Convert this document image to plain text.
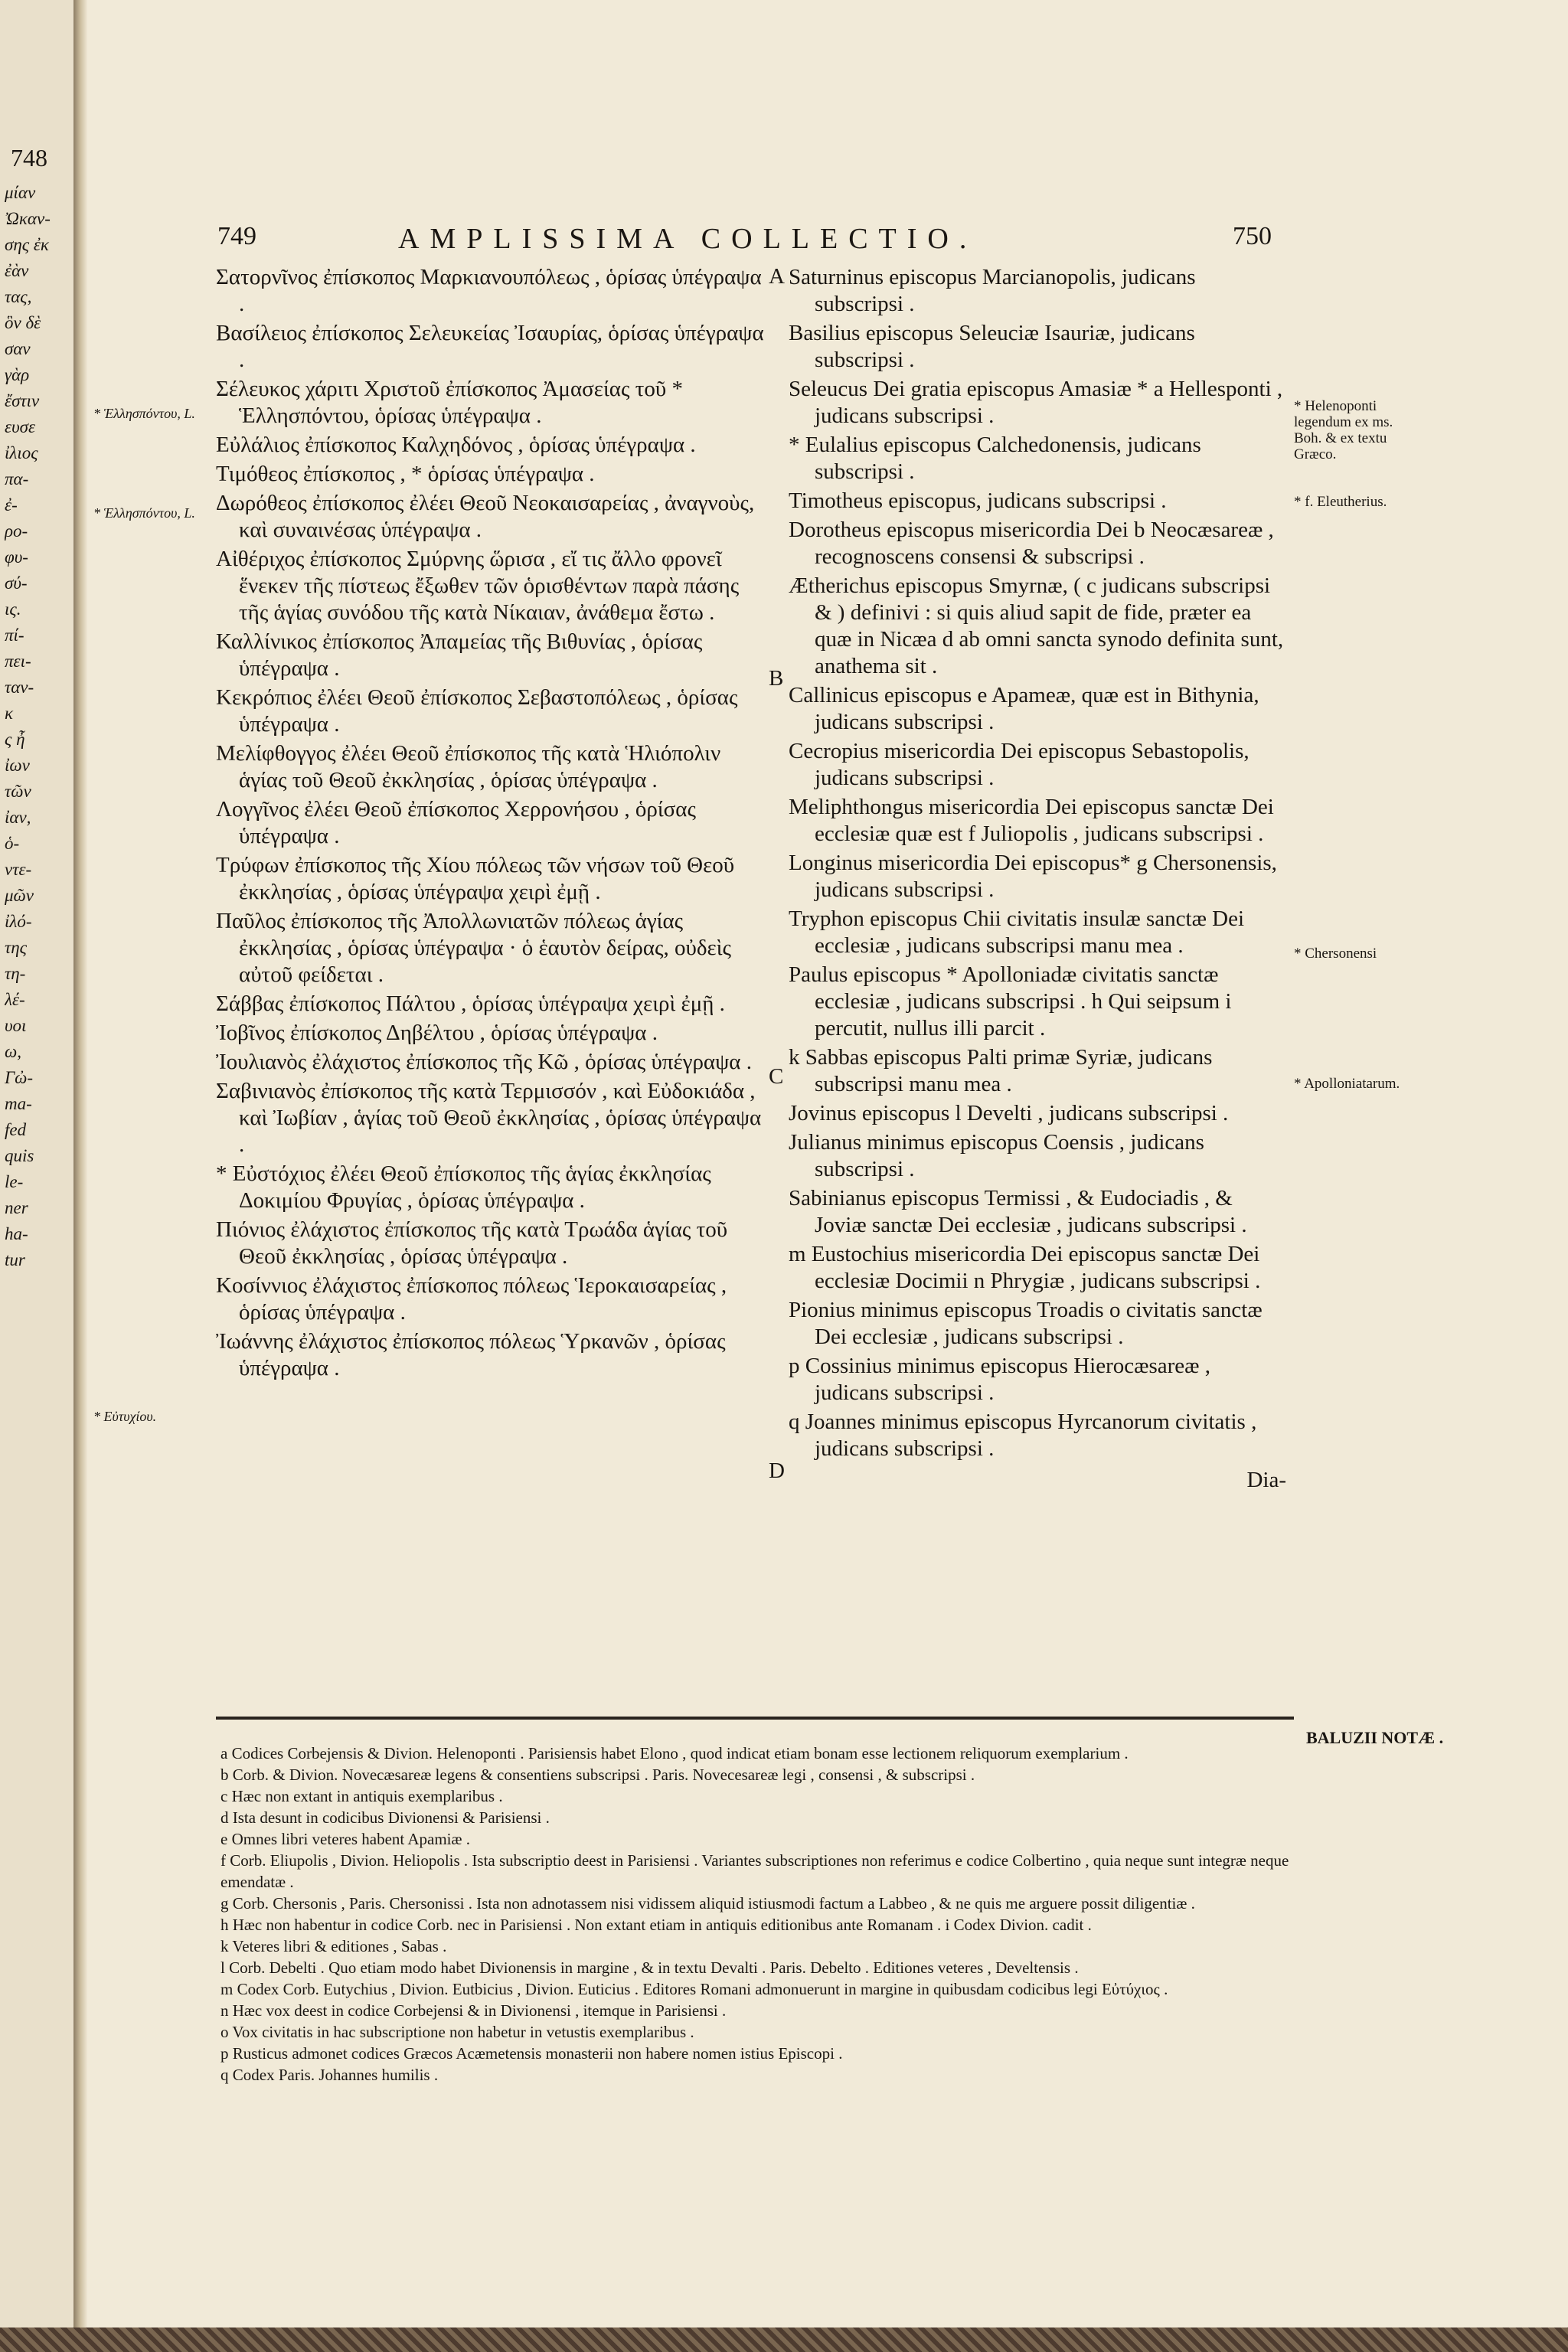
748
μίαν
Ὠκαν-
σης ἐκ
ἐὰν
τας,
ὃν δὲ
σαν
γὰρ
ἔστιν
ευσε
ἰλιος
πα-
ἐ-
ρο-
φυ-
σύ-
ις.
πί-
πει-
ταν-
κ
ς ἦ
ἰων
τῶν
ἰαν,
ὁ-
ντε-
μῶν
ἰλό-
της
τη-
λέ-
υοι
ω,
Γὠ-
ma-
fed
quis
le-
ner
ha-
tur
749	AMPLISSIMA COLLECTIO.	750
* Ἑλλησπόντου, L.
* Ἑλλησπόντου, L.
* Εὐτυχίου.

Σατορνῖνος ἐπίσκοπος Μαρκιανουπόλεως , ὁρίσας ὑπέγραψα .

Βασίλειος ἐπίσκοπος Σελευκείας Ἰσαυρίας, ὁρίσας ὑπέγραψα .

Σέλευκος χάριτι Χριστοῦ ἐπίσκοπος Ἀμασείας τοῦ * Ἑλλησπόντου, ὁρίσας ὑπέγραψα .

Εὐλάλιος ἐπίσκοπος Καλχηδόνος , ὁρίσας ὑπέγραψα .

Τιμόθεος ἐπίσκοπος , * ὁρίσας ὑπέγραψα .

Δωρόθεος ἐπίσκοπος ἐλέει Θεοῦ Νεοκαισαρείας , ἀναγνοὺς, καὶ συναινέσας ὑπέγραψα .

Αἰθέριχος ἐπίσκοπος Σμύρνης ὥρισα , εἴ τις ἄλλο φρονεῖ ἕνεκεν τῆς πίστεως ἔξωθεν τῶν ὁρισθέντων παρὰ πάσης τῆς ἁγίας συνόδου τῆς κατὰ Νίκαιαν, ἀνάθεμα ἔστω .

Καλλίνικος ἐπίσκοπος Ἀπαμείας τῆς Βιθυνίας , ὁρίσας ὑπέγραψα .

Κεκρόπιος ἐλέει Θεοῦ ἐπίσκοπος Σεβαστοπόλεως , ὁρίσας ὑπέγραψα .

Μελίφθογγος ἐλέει Θεοῦ ἐπίσκοπος τῆς κατὰ Ἡλιόπολιν ἁγίας τοῦ Θεοῦ ἐκκλησίας , ὁρίσας ὑπέγραψα .

Λογγῖνος ἐλέει Θεοῦ ἐπίσκοπος Χερρονήσου , ὁρίσας ὑπέγραψα .

Τρύφων ἐπίσκοπος τῆς Χίου πόλεως τῶν νήσων τοῦ Θεοῦ ἐκκλησίας , ὁρίσας ὑπέγραψα χειρὶ ἐμῇ .

Παῦλος ἐπίσκοπος τῆς Ἀπολλωνιατῶν πόλεως ἁγίας ἐκκλησίας , ὁρίσας ὑπέγραψα · ὁ ἑαυτὸν δείρας, οὐδεὶς αὐτοῦ φείδεται .

Σάββας ἐπίσκοπος Πάλτου , ὁρίσας ὑπέγραψα χειρὶ ἐμῇ .

Ἰοβῖνος ἐπίσκοπος Δηβέλτου , ὁρίσας ὑπέγραψα .

Ἰουλιανὸς ἐλάχιστος ἐπίσκοπος τῆς Κῶ , ὁρίσας ὑπέγραψα .

Σαβινιανὸς ἐπίσκοπος τῆς κατὰ Τερμισσόν , καὶ Εὐδοκιάδα , καὶ Ἰωβίαν , ἁγίας τοῦ Θεοῦ ἐκκλησίας , ὁρίσας ὑπέγραψα .

* Εὐστόχιος ἐλέει Θεοῦ ἐπίσκοπος τῆς ἁγίας ἐκκλησίας Δοκιμίου Φρυγίας , ὁρίσας ὑπέγραψα .

Πιόνιος ἐλάχιστος ἐπίσκοπος τῆς κατὰ Τρωάδα ἁγίας τοῦ Θεοῦ ἐκκλησίας , ὁρίσας ὑπέγραψα .

Κοσίννιος ἐλάχιστος ἐπίσκοπος πόλεως Ἱεροκαισαρείας , ὁρίσας ὑπέγραψα .

Ἰωάννης ἐλάχιστος ἐπίσκοπος πόλεως Ὑρκανῶν , ὁρίσας ὑπέγραψα .

Saturninus episcopus Marcianopolis, judicans subscripsi .

Basilius episcopus Seleuciæ Isauriæ, judicans subscripsi .

Seleucus Dei gratia episcopus Amasiæ * a Hellesponti , judicans subscripsi .

* Eulalius episcopus Calchedonensis, judicans subscripsi .

Timotheus episcopus, judicans subscripsi .

Dorotheus episcopus misericordia Dei b Neocæsareæ , recognoscens consensi & subscripsi .

Ætherichus episcopus Smyrnæ, ( c judicans subscripsi & ) definivi : si quis aliud sapit de fide, præter ea quæ in Nicæa d ab omni sancta synodo definita sunt, anathema sit .

Callinicus episcopus e Apameæ, quæ est in Bithynia, judicans subscripsi .

Cecropius misericordia Dei episcopus Sebastopolis, judicans subscripsi .

Meliphthongus misericordia Dei episcopus sanctæ Dei ecclesiæ quæ est f Juliopolis , judicans subscripsi .

Longinus misericordia Dei episcopus* g Chersonensis, judicans subscripsi .

Tryphon episcopus Chii civitatis insulæ sanctæ Dei ecclesiæ , judicans subscripsi manu mea .

Paulus episcopus * Apolloniadæ civitatis sanctæ ecclesiæ , judicans subscripsi . h Qui seipsum i percutit, nullus illi parcit .

k Sabbas episcopus Palti primæ Syriæ, judicans subscripsi manu mea .

Jovinus episcopus l Develti , judicans subscripsi .

Julianus minimus episcopus Coensis , judicans subscripsi .

Sabinianus episcopus Termissi , & Eudociadis , & Joviæ sanctæ Dei ecclesiæ , judicans subscripsi .

m Eustochius misericordia Dei episcopus sanctæ Dei ecclesiæ Docimii n Phrygiæ , judicans subscripsi .

Pionius minimus episcopus Troadis o civitatis sanctæ Dei ecclesiæ , judicans subscripsi .

p Cossinius minimus episcopus Hierocæsareæ , judicans subscripsi .

q Joannes minimus episcopus Hyrcanorum civitatis , judicans subscripsi .

Dia-

A
B
C
D
* Helenoponti legendum ex ms. Boh. & ex textu Græco.
* f. Eleutherius.
* Chersonensi
* Apolloniatarum.
BALUZII NOTÆ .

a Codices Corbejensis & Divion. Helenoponti . Parisiensis habet Elono , quod indicat etiam bonam esse lectionem reliquorum exemplarium .

b Corb. & Divion. Novecæsareæ legens & consentiens subscripsi . Paris. Novecesareæ legi , consensi , & subscripsi .

c Hæc non extant in antiquis exemplaribus .

d Ista desunt in codicibus Divionensi & Parisiensi .

e Omnes libri veteres habent Apamiæ .

f Corb. Eliupolis , Divion. Heliopolis . Ista subscriptio deest in Parisiensi . Variantes subscriptiones non referimus e codice Colbertino , quia neque sunt integræ neque emendatæ .

g Corb. Chersonis , Paris. Chersonissi . Ista non adnotassem nisi vidissem aliquid istiusmodi factum a Labbeo , & ne quis me arguere possit diligentiæ .

h Hæc non habentur in codice Corb. nec in Parisiensi . Non extant etiam in antiquis editionibus ante Romanam . i Codex Divion. cadit .

k Veteres libri & editiones , Sabas .

l Corb. Debelti . Quo etiam modo habet Divionensis in margine , & in textu Devalti . Paris. Debelto . Editiones veteres , Develtensis .

m Codex Corb. Eutychius , Divion. Eutbicius , Divion. Euticius . Editores Romani admonuerunt in margine in quibusdam codicibus legi Εὐτύχιος .

n Hæc vox deest in codice Corbejensi & in Divionensi , itemque in Parisiensi .

o Vox civitatis in hac subscriptione non habetur in vetustis exemplaribus .

p Rusticus admonet codices Græcos Acæmetensis monasterii non habere nomen istius Episcopi .

q Codex Paris. Johannes humilis .
